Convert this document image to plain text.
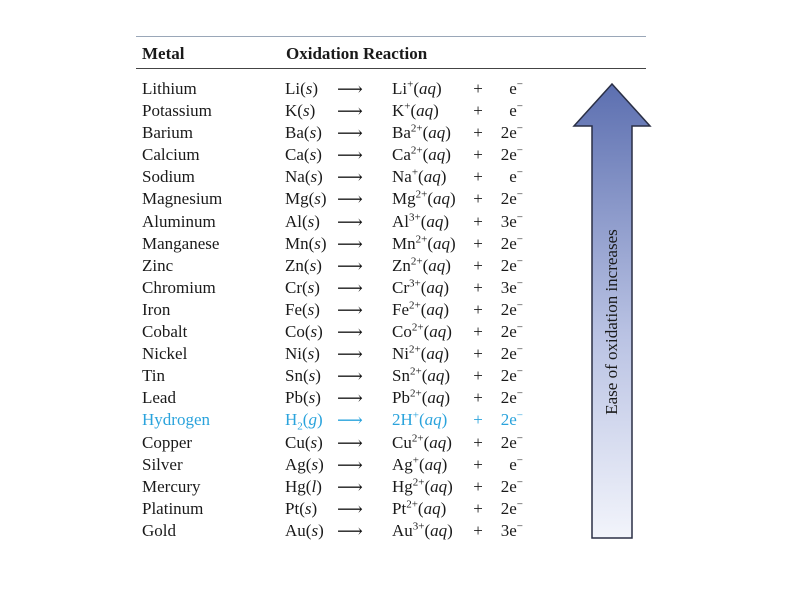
Metal	Oxidation Reaction
Lithium	Li(s) ⟶ Li+(aq) +	e−
Potassium	K(s) ⟶ K+(aq) +	e−
Barium	Ba(s) ⟶ $Ba^{2+}(aq)$ +	2e−
Calcium	Ca(s) ⟶ $Ca^{2+}(aq)$ +	2e−
Sodium	Na(s) ⟶ Na+(aq) +	e−
Magnesium	Mg(s) ⟶ $Mg^{2+}(aq)$ +	2e−
Aluminum	Al(s) ⟶ $Al^{3+}(aq)$ +	3e−
Manganese	Mn(s) ⟶ $Mn^{2+}(aq)$ +	2e−
Zinc	Zn(s) ⟶ $Zn^{2+}(aq)$ +	2e−
Chromium	Cr(s) ⟶ $Cr^{3+}(aq)$ +	3e−
Iron	Fe(s) ⟶ $Fe^{2+}(aq)$ +	2e−
Cobalt	Co(s) ⟶ $Co^{2+}(aq)$ +	2e−
Nickel	Ni(s) ⟶ $Ni^{2+}(aq)$ +	2e−
Tin	Sn(s) ⟶ $Sn^{2+}(aq)$ +	2e−
Lead	Pb(s) ⟶ $Pb^{2+}(aq)$ +	2e−
Hydrogen	$H_2(g)$ ⟶ 2H+(aq) +	2e−
Copper	Cu(s) ⟶ $Cu^{2+}(aq)$ +	2e−
Silver	Ag(s) ⟶ Ag+(aq) +	e−
Mercury	Hg(l) ⟶ $Hg^{2+}(aq)$ +	2e−
Platinum	Pt(s) ⟶ $Pt^{2+}(aq)$ +	2e−
Gold	Au(s) ⟶ $Au^{3+}(aq)$ +	3e−
Ease of oxidation increases
